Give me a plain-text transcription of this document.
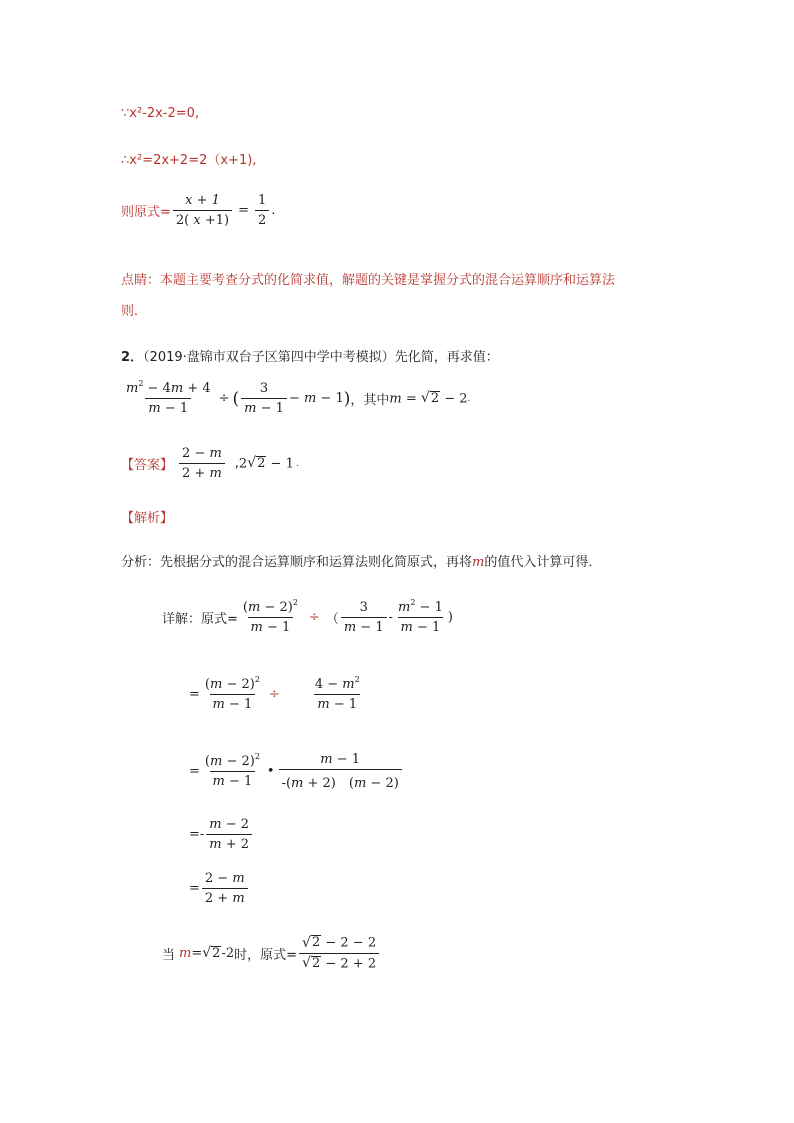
∵x²-2x-2=0,
∴x²=2x+2=2（x+1),
则原式= $\frac{x + 1}{2( x +1)} = \frac{1}{2}$ .
点睛：本题主要考查分式的化简求值，解题的关键是掌握分式的混合运算顺序和运算法
则．
2．（2019·盘锦市双台子区第四中学中考模拟）先化简，再求值：
$\frac{m^2 - 4m + 4}{m - 1}$ ÷ ( $\frac{3}{m - 1} - m - 1$ ) ，其中 m = √ 2 − 2 .
【答案】 $\frac{2 - m}{2 + m}$ , 2 √ 2 − 1 .
【解析】
分析：先根据分式的混合运算顺序和运算法则化简原式，再将m的值代入计算可得．
详解：原式= $\frac{(m - 2)^2}{m - 1}$ ÷ （ $\frac{3}{m - 1} - \frac{m^2 - 1}{m - 1}$ )
= $\frac{(m - 2)^2}{m - 1} \div \frac{4 - m^2}{m - 1}$
= $\frac{(m - 2)^2}{m - 1}$ • $\frac{m - 1}{-(m + 2) (m - 2)}$
=- $\frac{m - 2}{m + 2}$
= $\frac{2 - m}{2 + m}$
当 m = √ 2 -2 时，原式= $\frac{√ 2 - 2 - 2}{√ 2 - 2 + 2}$
